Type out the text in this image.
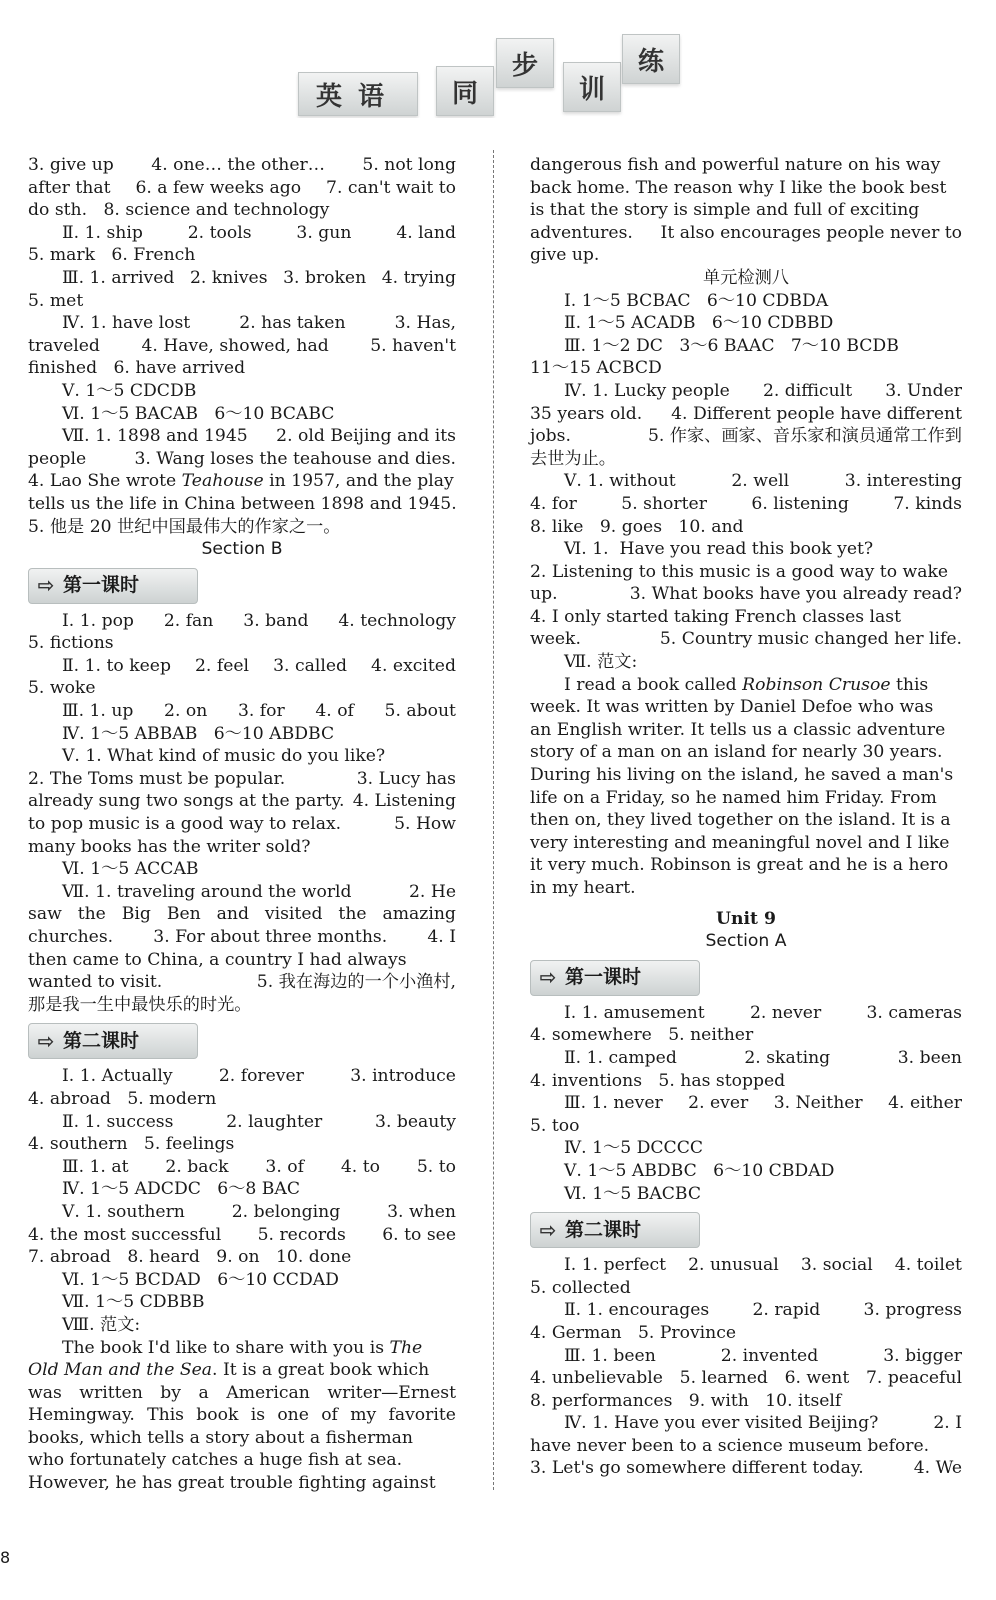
英语	同
步
训
练
3. give up 4. one… the other… 5. not long
after that 6. a few weeks ago 7. can't wait to
do sth.   8. science and technology
Ⅱ. 1. ship	2. tools	3. gun	4. land
5. mark   6. French
Ⅲ. 1. arrived 2. knives 3. broken 4. trying
5. met
Ⅳ. 1. have lost	2. has taken	3. Has,
traveled 4. Have, showed, had 5. haven't
finished   6. have arrived
Ⅴ. 1～5 CDCDB
Ⅵ. 1～5 BACAB   6～10 BCABC
Ⅶ. 1. 1898 and 1945 2. old Beijing and its
people	3. Wang loses the teahouse and dies.
4. Lao She wrote Teahouse in 1957, and the play
tells us the life in China between 1898 and 1945.
5. 他是 20 世纪中国最伟大的作家之一。
Section B
⇨ 第一课时
Ⅰ. 1. pop 2. fan 3. band 4. technology
5. fictions
Ⅱ. 1. to keep 2. feel 3. called 4. excited
5. woke
Ⅲ. 1. up 2. on 3. for 4. of 5. about
Ⅳ. 1～5 ABBAB   6～10 ABDBC
Ⅴ. 1. What kind of music do you like?
2. The Toms must be popular.	3. Lucy has
already sung two songs at the party. 4. Listening
to pop music is a good way to relax.	5. How
many books has the writer sold?
Ⅵ. 1～5 ACCAB
Ⅶ. 1. traveling around the world	2. He
saw the Big Ben and visited the amazing
churches. 3. For about three months. 4. I
then came to China, a country I had always
wanted to visit.	5. 我在海边的一个小渔村,
那是我一生中最快乐的时光。
⇨ 第二课时
Ⅰ. 1. Actually	2. forever	3. introduce
4. abroad   5. modern
Ⅱ. 1. success	2. laughter	3. beauty
4. southern   5. feelings
Ⅲ. 1. at 2. back 3. of 4. to 5. to
Ⅳ. 1～5 ADCDC   6～8 BAC
Ⅴ. 1. southern	2. belonging	3. when
4. the most successful 5. records 6. to see
7. abroad   8. heard   9. on   10. done
Ⅵ. 1～5 BCDAD   6～10 CCDAD
Ⅶ. 1～5 CDBBB
Ⅷ. 范文:
The book I'd like to share with you is The
Old Man and the Sea . It is a great book which
was written by a American writer—Ernest
Hemingway. This book is one of my favorite
books, which tells a story about a fisherman
who fortunately catches a huge fish at sea.
However, he has great trouble fighting against
dangerous fish and powerful nature on his way
back home. The reason why I like the book best
is that the story is simple and full of exciting
adventures. It also encourages people never to
give up.
单元检测八
Ⅰ. 1～5 BCBAC   6～10 CDBDA
Ⅱ. 1～5 ACADB   6～10 CDBBD
Ⅲ. 1～2 DC   3～6 BAAC   7～10 BCDB
11～15 ACBCD
Ⅳ. 1. Lucky people 2. difficult 3. Under
35 years old. 4. Different people have different
jobs.	5. 作家、画家、音乐家和演员通常工作到
去世为止。
Ⅴ. 1. without	2. well	3. interesting
4. for	5. shorter	6. listening	7. kinds
8. like   9. goes   10. and
Ⅵ. 1.  Have you read this book yet?
2. Listening to this music is a good way to wake
up.	3. What books have you already read?
4. I only started taking French classes last
week.	5. Country music changed her life.
Ⅶ. 范文:
I read a book called Robinson Crusoe this
week. It was written by Daniel Defoe who was
an English writer. It tells us a classic adventure
story of a man on an island for nearly 30 years.
During his living on the island, he saved a man's
life on a Friday, so he named him Friday. From
then on, they lived together on the island. It is a
very interesting and meaningful novel and I like
it very much. Robinson is great and he is a hero
in my heart.
Unit 9
Section A
⇨ 第一课时
Ⅰ. 1. amusement	2. never	3. cameras
4. somewhere   5. neither
Ⅱ. 1. camped	2. skating	3. been
4. inventions   5. has stopped
Ⅲ. 1. never 2. ever 3. Neither 4. either
5. too
Ⅳ. 1～5 DCCCC
Ⅴ. 1～5 ABDBC   6～10 CBDAD
Ⅵ. 1～5 BACBC
⇨ 第二课时
Ⅰ. 1. perfect 2. unusual 3. social 4. toilet
5. collected
Ⅱ. 1. encourages	2. rapid	3. progress
4. German   5. Province
Ⅲ. 1. been	2. invented	3. bigger
4. unbelievable 5. learned 6. went 7. peaceful
8. performances   9. with   10. itself
Ⅳ. 1. Have you ever visited Beijing?	2. I
have never been to a science museum before.
3. Let's go somewhere different today.	4. We
8
